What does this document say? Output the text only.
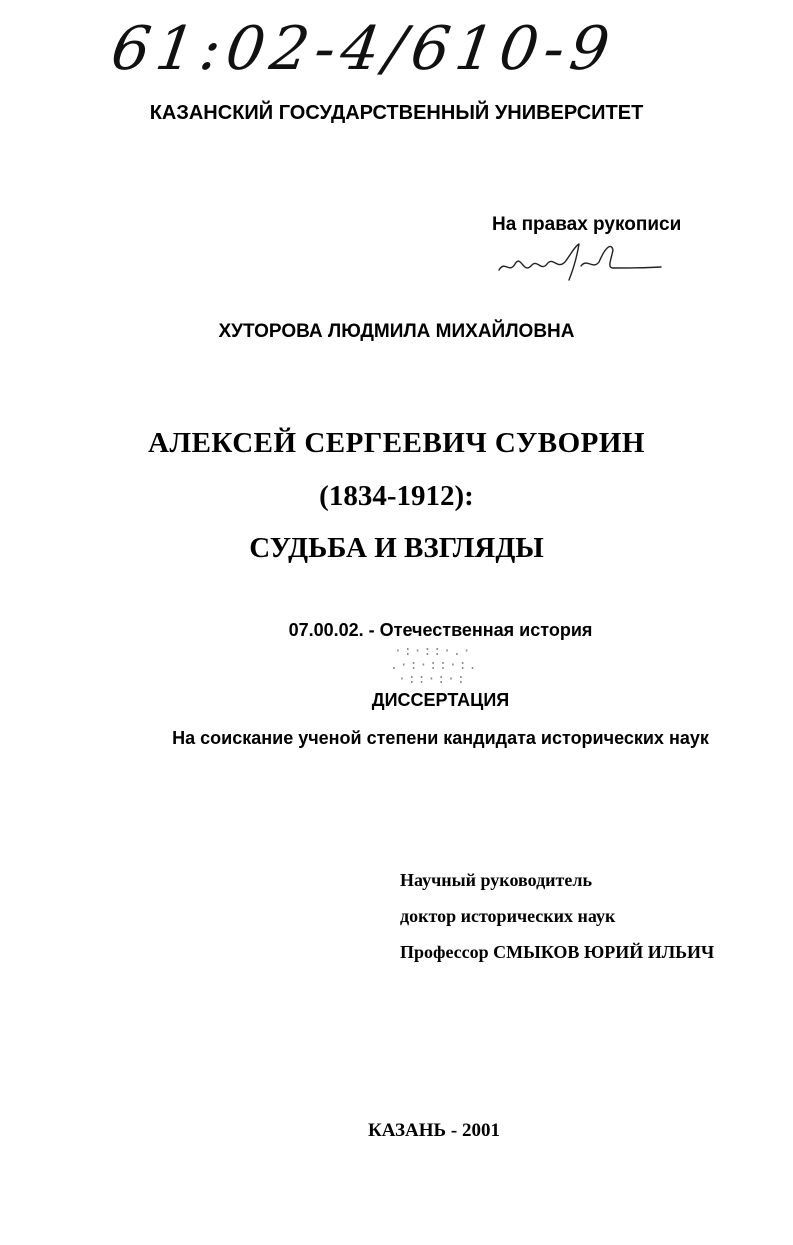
61:02-4/610-9
КАЗАНСКИЙ ГОСУДАРСТВЕННЫЙ УНИВЕРСИТЕТ
На правах рукописи
ХУТОРОВА ЛЮДМИЛА МИХАЙЛОВНА
АЛЕКСЕЙ СЕРГЕЕВИЧ СУВОРИН
(1834-1912):
СУДЬБА И ВЗГЛЯДЫ
07.00.02. - Отечественная история
·:·::·.·
.·:·::·:.
·::·:·:
ДИССЕРТАЦИЯ
На соискание ученой степени кандидата исторических наук
Научный руководитель
доктор исторических наук
Профессор СМЫКОВ ЮРИЙ ИЛЬИЧ
КАЗАНЬ - 2001
